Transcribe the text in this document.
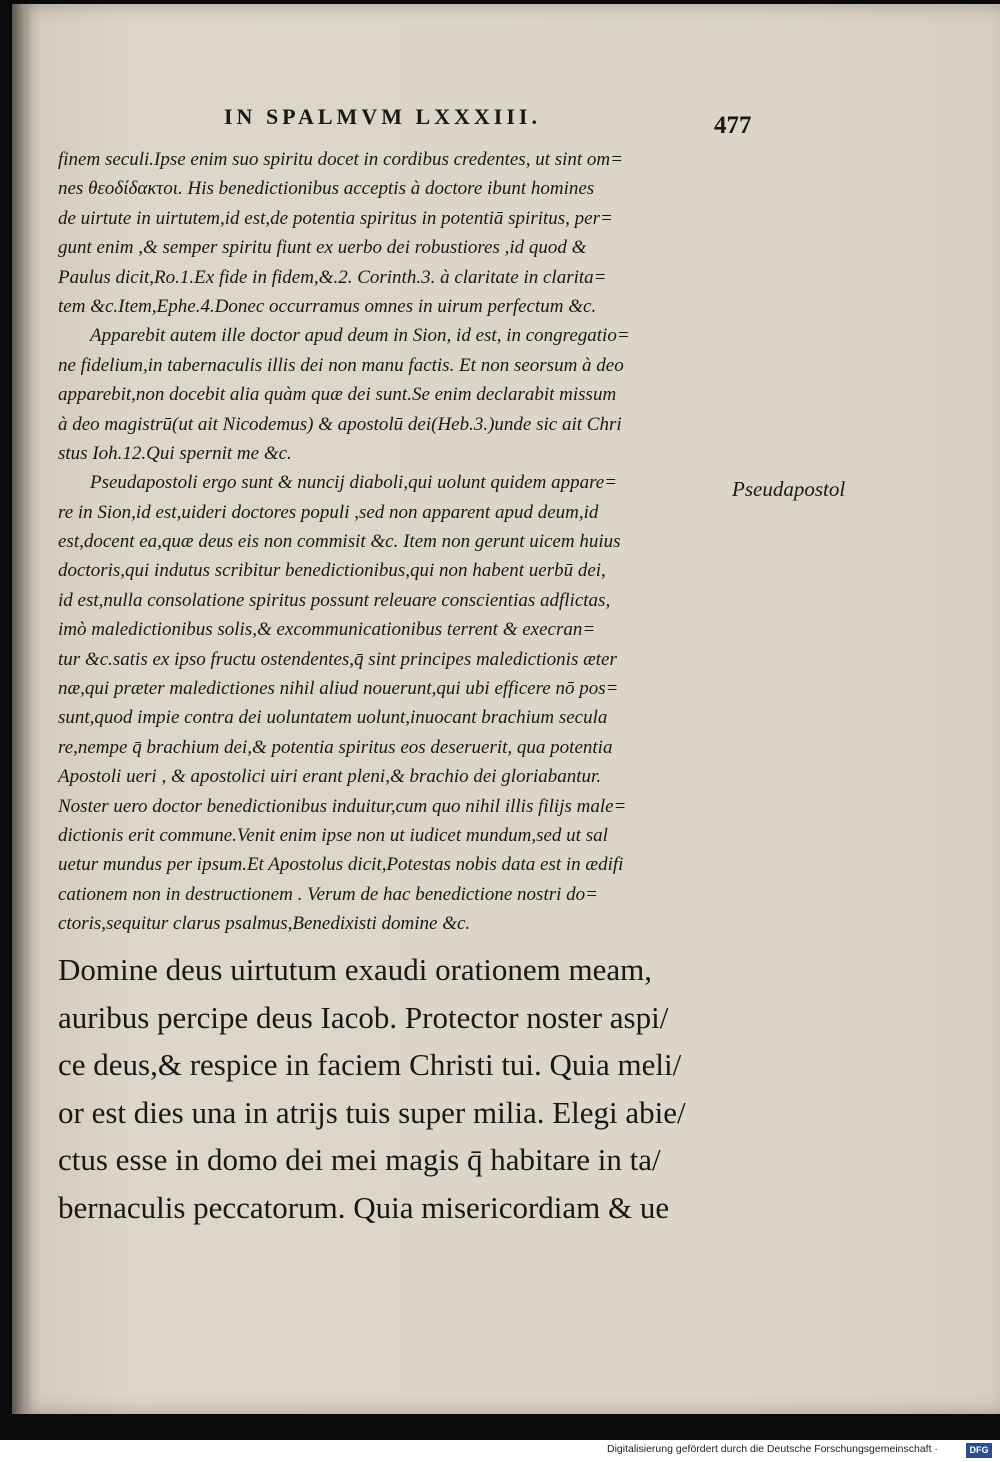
IN SPALMVM LXXXIII.	477
finem seculi.Ipse enim suo spiritu docet in cordibus credentes, ut sint om=
nes θεοδίδακτοι. His benedictionibus acceptis à doctore ibunt homines
de uirtute in uirtutem,id est,de potentia spiritus in potentiā spiritus, per=
gunt enim ,& semper spiritu fiunt ex uerbo dei robustiores ,id quod &
Paulus dicit,Ro.1.Ex fide in fidem,&.2. Corinth.3. à claritate in clarita=
tem &c.Item,Ephe.4.Donec occurramus omnes in uirum perfectum &c.
Apparebit autem ille doctor apud deum in Sion, id est, in congregatio=
ne fidelium,in tabernaculis illis dei non manu factis. Et non seorsum à deo
apparebit,non docebit alia quàm quæ dei sunt.Se enim declarabit missum
à deo magistrū(ut ait Nicodemus) & apostolū dei(Heb.3.)unde sic ait Chri
stus Ioh.12.Qui spernit me &c.
Pseudapostoli ergo sunt & nuncij diaboli,qui uolunt quidem appare=
re in Sion,id est,uideri doctores populi ,sed non apparent apud deum,id
est,docent ea,quæ deus eis non commisit &c. Item non gerunt uicem huius
doctoris,qui indutus scribitur benedictionibus,qui non habent uerbū dei,
id est,nulla consolatione spiritus possunt releuare conscientias adflictas,
imò maledictionibus solis,& excommunicationibus terrent & execran=
tur &c.satis ex ipso fructu ostendentes,q̄ sint principes maledictionis æter
næ,qui præter maledictiones nihil aliud nouerunt,qui ubi efficere nō pos=
sunt,quod impie contra dei uoluntatem uolunt,inuocant brachium secula
re,nempe q̄ brachium dei,& potentia spiritus eos deseruerit, qua potentia
Apostoli ueri , & apostolici uiri erant pleni,& brachio dei gloriabantur.
Noster uero doctor benedictionibus induitur,cum quo nihil illis filijs male=
dictionis erit commune.Venit enim ipse non ut iudicet mundum,sed ut sal
uetur mundus per ipsum.Et Apostolus dicit,Potestas nobis data est in ædifi
cationem non in destructionem . Verum de hac benedictione nostri do=
ctoris,sequitur clarus psalmus,Benedixisti domine &c.
Pseudapostol
Domine deus uirtutum exaudi orationem meam,
auribus percipe deus Iacob. Protector noster aspi/
ce deus,& respice in faciem Christi tui. Quia meli/
or est dies una in atrijs tuis super milia. Elegi abie/
ctus esse in domo dei mei magis q̄ habitare in ta/
bernaculis peccatorum. Quia misericordiam & ue
Digitalisierung gefördert durch die Deutsche Forschungsgemeinschaft ·	DFG
